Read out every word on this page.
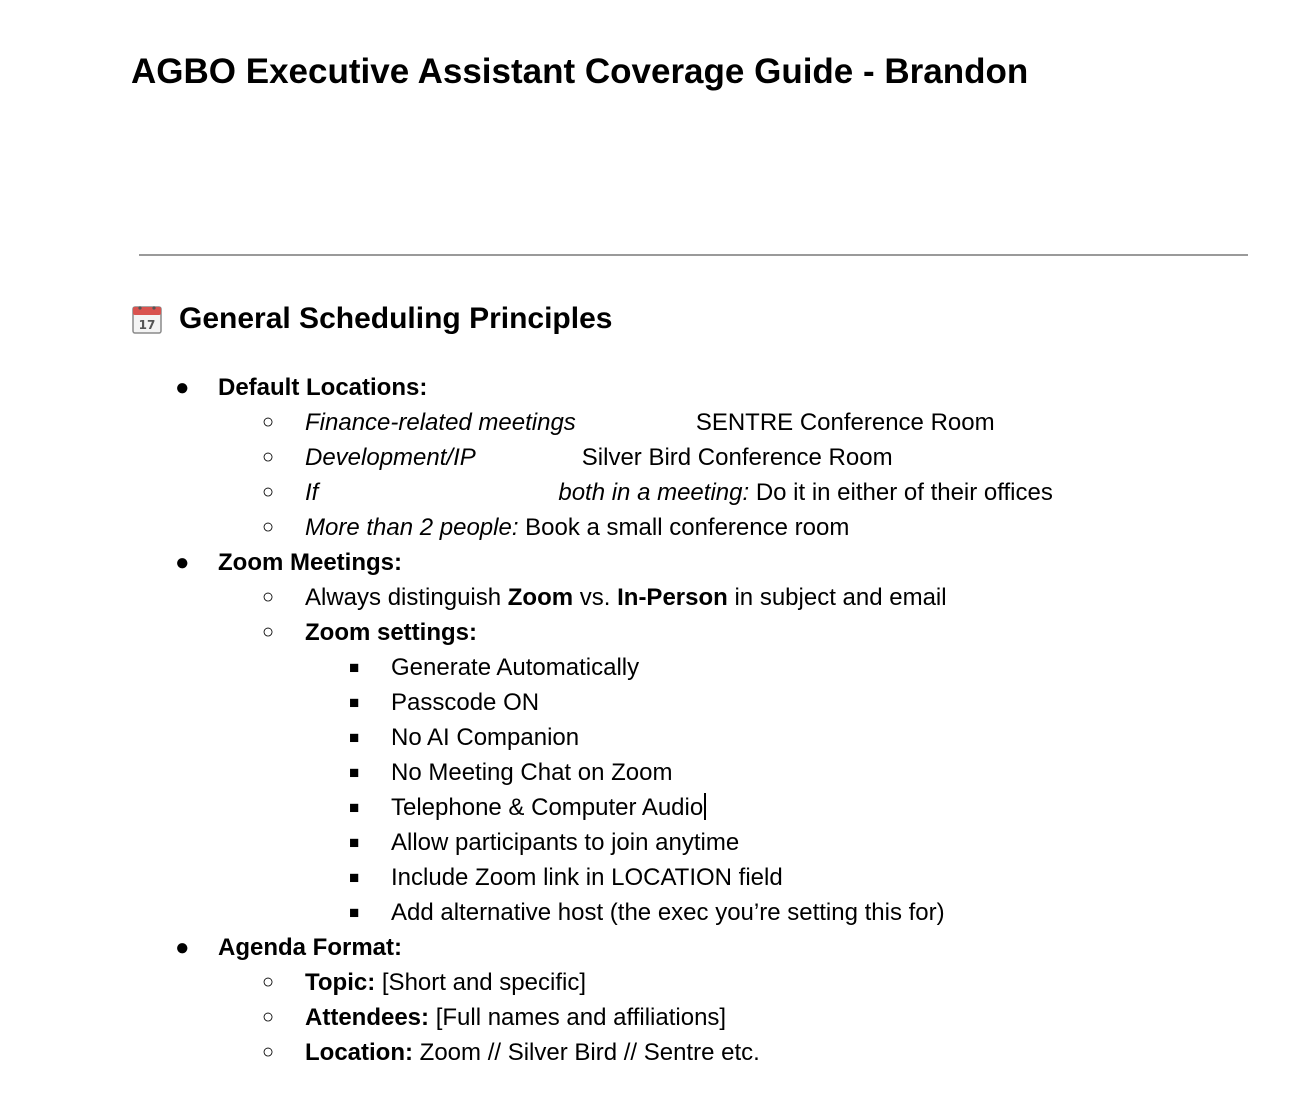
AGBO Executive Assistant Coverage Guide - Brandon
17 General Scheduling Principles
● Default Locations:
○ Finance-related meetings	SENTRE Conference Room
○ Development/IP	Silver Bird Conference Room
○ If	both in a meeting: Do it in either of their offices
○ More than 2 people: Book a small conference room
● Zoom Meetings:
○ Always distinguish Zoom vs. In-Person in subject and email
○ Zoom settings:
■ Generate Automatically
■ Passcode ON
■ No AI Companion
■ No Meeting Chat on Zoom
■ Telephone & Computer Audio
■ Allow participants to join anytime
■ Include Zoom link in LOCATION field
■ Add alternative host (the exec you’re setting this for)
● Agenda Format:
○ Topic: [Short and specific]
○ Attendees: [Full names and affiliations]
○ Location: Zoom // Silver Bird // Sentre etc.
